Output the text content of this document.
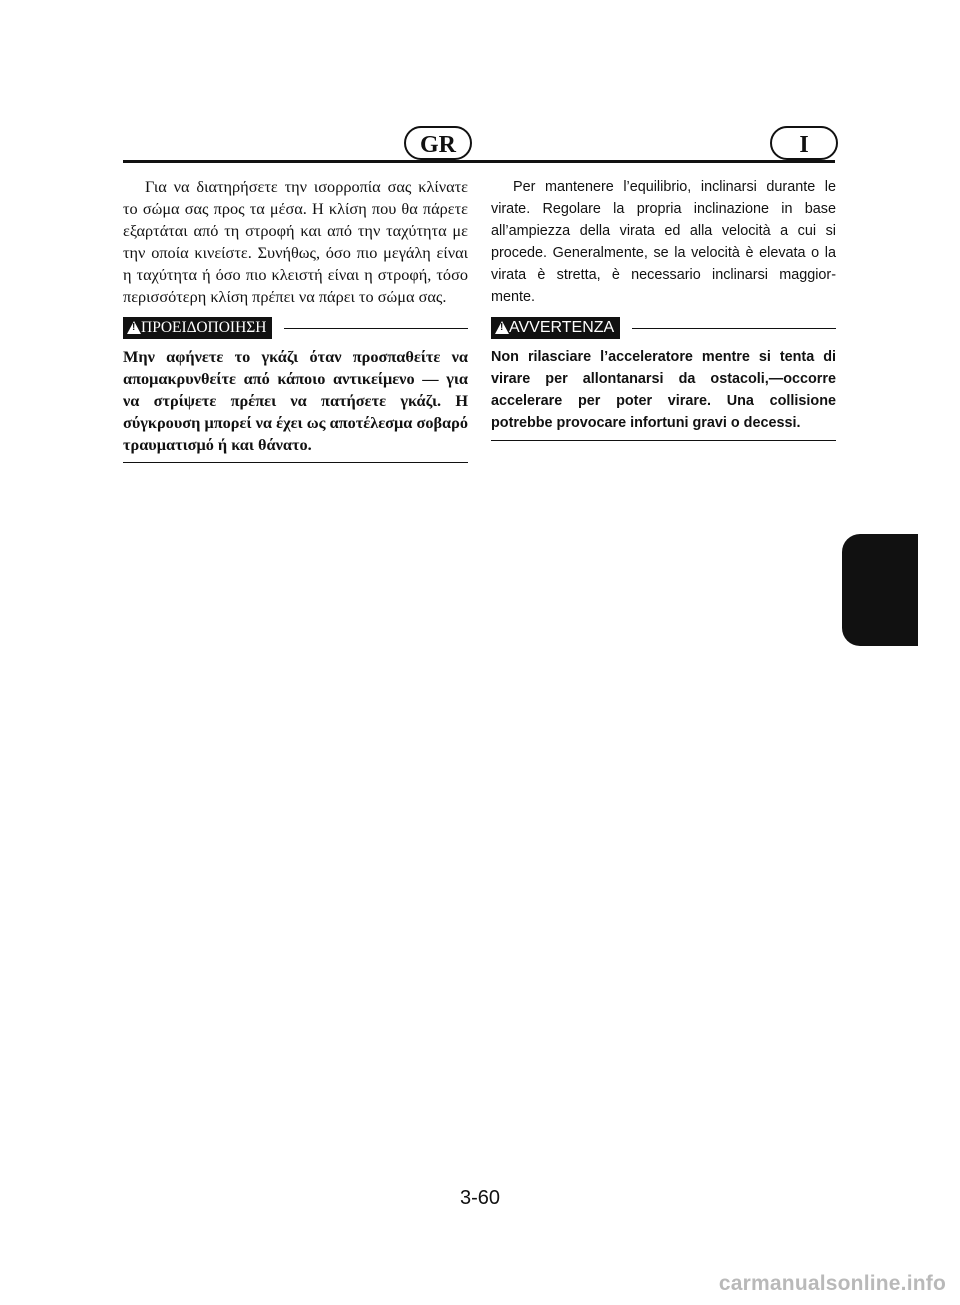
GR	I

Για να διατηρήσετε την ισορροπία σας κλίνατε το σώμα σας προς τα μέσα. Η κλίση που θα πάρετε εξαρτάται από τη στροφή και από την ταχύτητα με την οποία κινείστε. Συνήθως, όσο πιο μεγάλη είναι η ταχύτητα ή όσο πιο κλειστή είναι η στροφή, τόσο περισσότερη κλίση πρέπει να πάρει το σώμα σας.

!
ΠΡΟΕΙΔΟΠΟΙΗΣΗ

Μην αφήνετε το γκάζι όταν προσπαθείτε να απομακρυνθείτε από κάποιο αντικείμενο — για να στρίψετε πρέπει να πατήσετε γκάζι. Η σύγκρουση μπορεί να έχει ως αποτέλεσμα σοβαρό τραυματισμό ή και θάνατο.

Per mantenere l’equilibrio, inclinarsi durante le virate. Regolare la propria inclinazione in base all’ampiezza della virata ed alla velocità a cui si procede. Generalmente, se la velocità è elevata o la virata è stretta, è necessario inclinarsi maggior-mente.

!
AVVERTENZA

Non rilasciare l’acceleratore mentre si tenta di virare per allontanarsi da ostacoli,—occorre accelerare per poter virare. Una collisione potrebbe provocare infortuni gravi o decessi.

3-60
carmanualsonline.info
